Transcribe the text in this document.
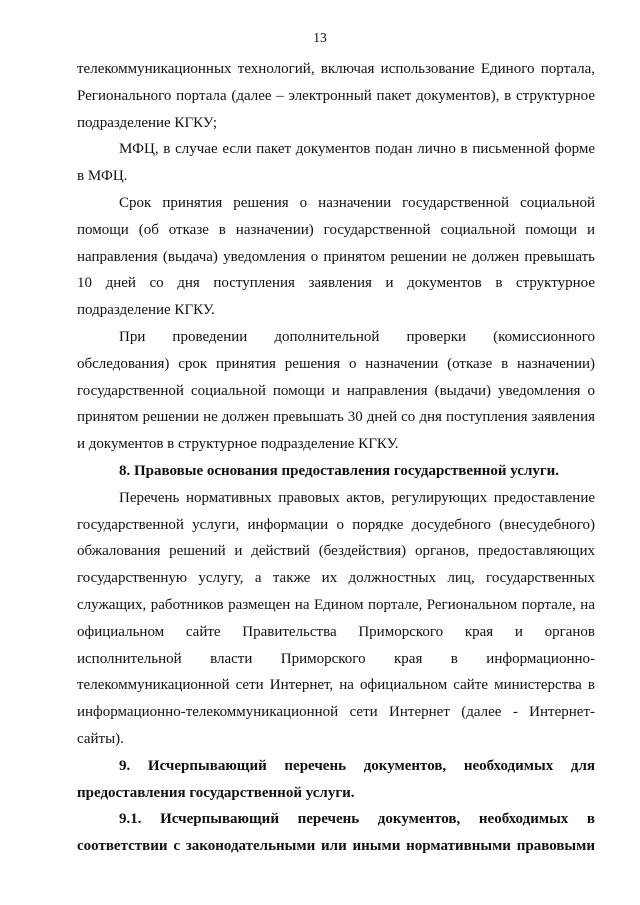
13

телекоммуникационных технологий, включая использование Единого портала, Регионального портала (далее – электронный пакет документов), в структурное подразделение КГКУ;

МФЦ, в случае если пакет документов подан лично в письменной форме в МФЦ.

Срок принятия решения о назначении государственной социальной помощи (об отказе в назначении) государственной социальной помощи и направления (выдача) уведомления о принятом решении не должен превышать 10 дней со дня поступления заявления и документов в структурное подразделение КГКУ.

При проведении дополнительной проверки (комиссионного обследования) срок принятия решения о назначении (отказе в назначении) государственной социальной помощи и направления (выдачи) уведомления о принятом решении не должен превышать 30 дней со дня поступления заявления и документов в структурное подразделение КГКУ.

8. Правовые основания предоставления государственной услуги.

Перечень нормативных правовых актов, регулирующих предоставление государственной услуги, информации о порядке досудебного (внесудебного) обжалования решений и действий (бездействия) органов, предоставляющих государственную услугу, а также их должностных лиц, государственных служащих, работников размещен на Едином портале, Региональном портале, на официальном сайте Правительства Приморского края и органов исполнительной власти Приморского края в информационно-телекоммуникационной сети Интернет, на официальном сайте министерства в информационно-телекоммуникационной сети Интернет (далее - Интернет-сайты).

9. Исчерпывающий перечень документов, необходимых для предоставления государственной услуги.

9.1. Исчерпывающий перечень документов, необходимых в соответствии с законодательными или иными нормативными правовыми
